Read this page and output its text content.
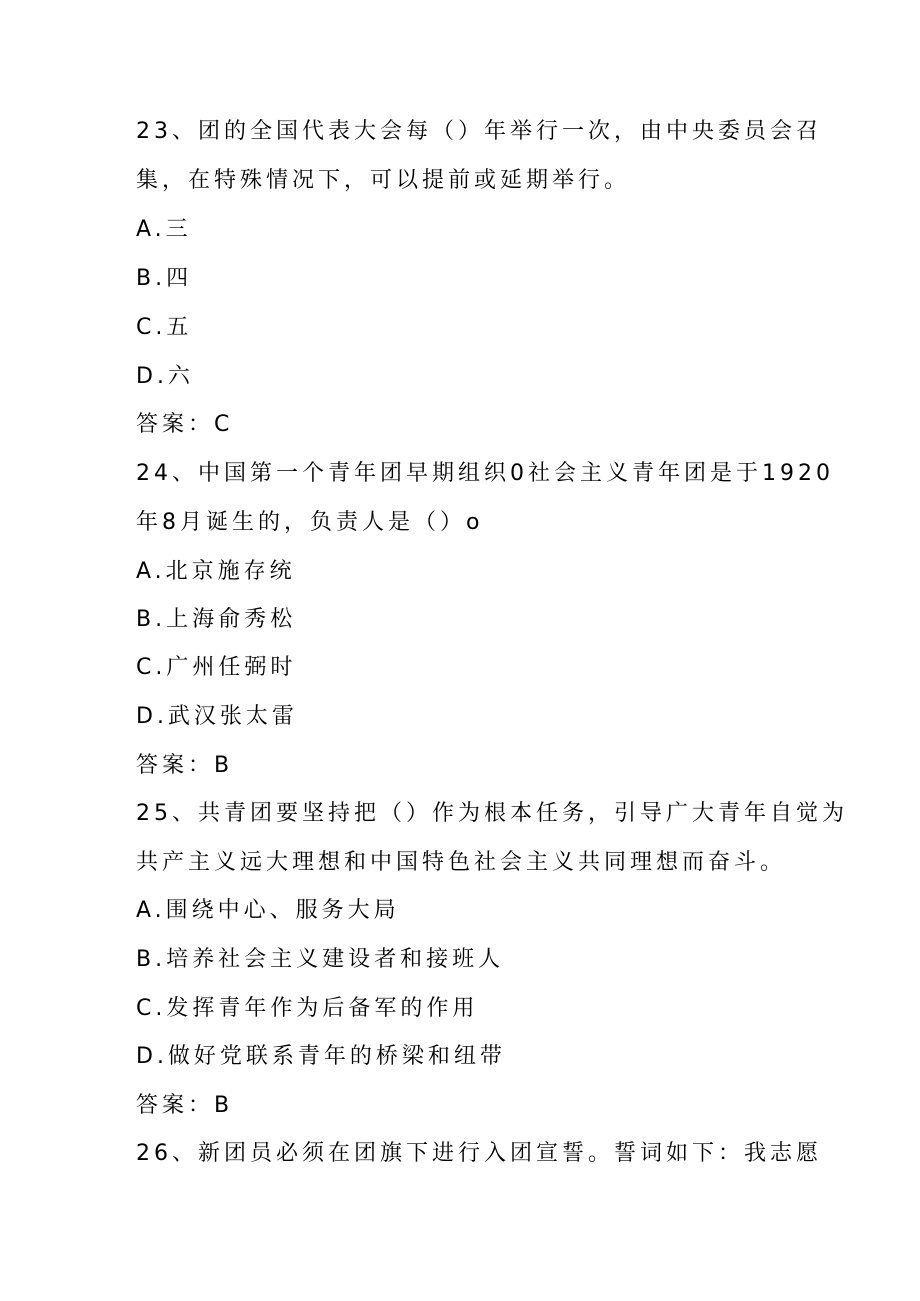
23、团的全国代表大会每（）年举行一次，由中央委员会召
集，在特殊情况下，可以提前或延期举行。
A.三
B.四
C.五
D.六
答案：C
24、中国第一个青年团早期组织0社会主义青年团是于1920
年8月诞生的，负责人是（）o
A.北京施存统
B.上海俞秀松
C.广州任弼时
D.武汉张太雷
答案：B
25、共青团要坚持把（）作为根本任务，引导广大青年自觉为
共产主义远大理想和中国特色社会主义共同理想而奋斗。
A.围绕中心、服务大局
B.培养社会主义建设者和接班人
C.发挥青年作为后备军的作用
D.做好党联系青年的桥梁和纽带
答案：B
26、新团员必须在团旗下进行入团宣誓。誓词如下：我志愿
